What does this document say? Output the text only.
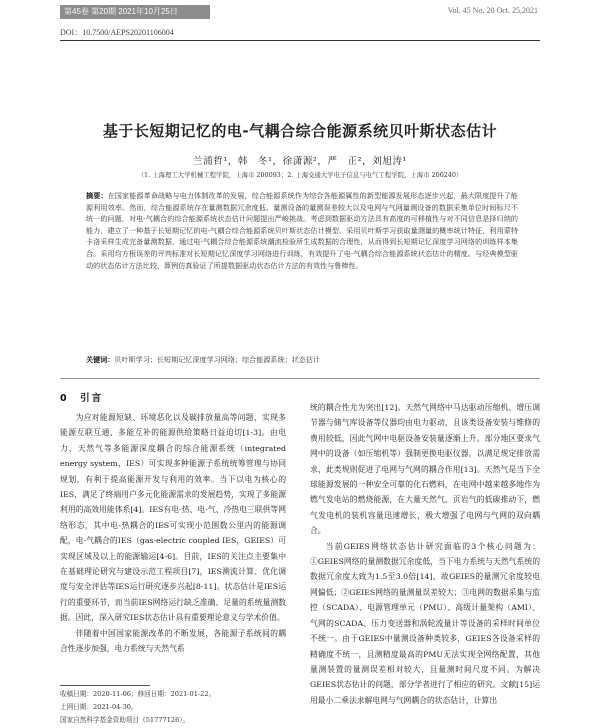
第45卷 第20期 2021年10月25日	Vol. 45 No. 20 Oct. 25,2021
DOI：10.7500/AEPS20201106004
基于长短期记忆的电-气耦合综合能源系统贝叶斯状态估计
兰浦哲¹，韩　冬¹，徐潇源²，严　正²，刘旭涛¹
（1. 上海理工大学机械工程学院，上海市 200093；2. 上海交通大学电子信息与电气工程学院，上海市 200240）
摘要：在国家能源革命战略与电力体制改革的发展，综合能源系统作为综合各能源属性的新型能源发展形态逐步兴起，最大限度提升了能源利用效率。然而，综合能源系统存在量测数据冗余度低、量测设备的量测误差较大以及电网与气网量测设备的数据采集单位时间标尺不统一的问题，对电-气耦合的综合能源系统状态估计问题提出严峻挑战。考虑到数据驱动方法具有高度的可移植性与对不同信息是择归纳的能力，建立了一种基于长短期记忆的电-气耦合综合能源系统贝叶斯状态估计模型。采用贝叶斯学习获取量测量的概率统计特征，利用蒙特卡洛采样生成完备量测数据，通过电-气耦合综合能源系统潮流检验所生成数据的合理性，从而得到长短期记忆深度学习网络的训练样本集合。采用均方根误差的评判标准对长短期记忆深度学习网络进行训练，有效提升了电-气耦合综合能源系统状态估计的精度。与经典模型驱动的状态估计方法比较，算例仿真验证了所提数据驱动状态估计方法的有效性与鲁棒性。
关键词：贝叶斯学习；长短期记忆深度学习网络；综合能源系统；状态估计
0　引言

为应对能源短缺、环境恶化以及碳排放量高等问题，实现多能源互联互通、多能互补的能源供给策略日益迫切[1-3]。由电力、天然气等多能源深度耦合的综合能源系统（integrated energy system，IES）可实现多种能源子系统统筹管理与协同规划，有利于提高能源开发与利用的效率。当下以电为核心的IES，满足了终端用户多元化能源需求的发展趋势，实现了多能源利用的高效用能体系[4]。IES有电-热、电-气、冷热电三联供等网络形态，其中电-热耦合的IES可实现小范围数公里内的能源调配，电-气耦合的IES（gas-electric coupled IES，GEIES）可实现区域及以上的能源输运[4-6]。目前，IES的关注点主要集中在基础理论研究与建设示范工程项目[7]，IES测流计算、优化调度与安全评估等IES运行研究逐步兴起[8-11]。状态估计是IES运行的重要环节，而当前IES网络运行缺乏准确、足量的系统量测数据。因此，深入研究IES状态估计具有重要理论意义与学术价值。

伴随着中国国家能源改革的不断发展，各能源子系统间的耦合性逐步加强，电力系统与天然气系

统的耦合性尤为突出[12]。天然气网络中马达驱动压缩机、增压调节器与储气库设备等仪器均由电力驱动，且该类设备安装与维修的费用较低，因此气网中电驱设备安装量逐渐上升。部分地区要求气网中的设备（如压缩机等）强制更换电驱仪器，以满足规定排放需求，此类规则促进了电网与气网的耦合作用[13]。天然气是当下全球能源发展的一种安全可靠的化石燃料，在电网中越来越多地作为燃气发电站的燃烧能源，在大量天然气、页岩气的低碳推动下，燃气发电机的装机容量迅速增长，极大增强了电网与气网的双向耦合。

当前GEIES网络状态估计研究面临的3个核心问题为：①GEIES网络的量测数据冗余度低，当下电力系统与天然气系统的数据冗余度大致为1.5至3.0倍[14]，故GEIES的量测冗余度较电网偏低；②GEIES网络的量测量误差较大；③电网的数据采集与监控（SCADA）、电源管理单元（PMU）、高级计量架构（AMI）、气网的SCADA、压力变送器和涡轮流量计等设备的采样时间单位不统一。由于GEIES中量测设备种类较多，GEIES各设备采样的精确度不统一，且测精度最高的PMU无法实现全网络配置，其他量测装置的量测误差相对较大，且量测时间尺度不同。为解决GEIES状态估计的问题，部分学者进行了相应的研究。文献[15]运用最小二乘法求解电网与气网耦合的状态估计，计算出

收稿日期：2020-11-06；修回日期：2021-01-22。
上网日期：2021-04-30。
国家自然科学基金资助项目（51777126）。
